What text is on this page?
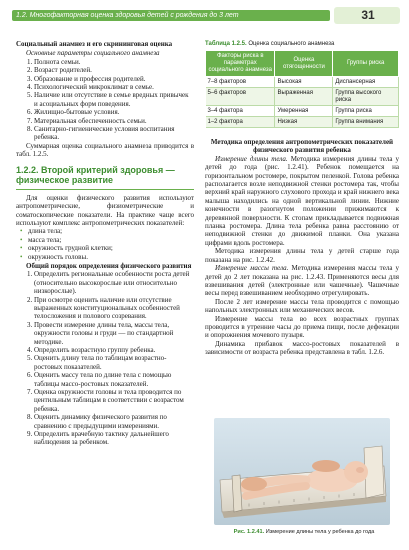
1.2. Многофакторная оценка здоровья детей с рождения до 3 лет	31

Социальный анамнез и его скрининговая оценка

Основные параметры социального анамнеза

1. Полнота семьи.
2. Возраст родителей.
3. Образование и профессия родителей.
4. Психологический микроклимат в семье.
5. Наличие или отсутствие в семье вредных привычек и асоциальных форм поведения.
6. Жилищно-бытовые условия.
7. Материальная обеспеченность семьи.
8. Санитарно-гигиенические условия воспитания ребенка.

Суммарная оценка социального анамнеза приводится в табл. 1.2.5.

1.2.2. Второй критерий здоровья — физическое развитие

Для оценки физического развития используют антропометрические, физиометрические и соматоскопические показатели. На практике чаще всего используют комплекс антропометрических показателей:

• длина тела;
• масса тела;
• окружность грудной клетки;
• окружность головы.

Общий порядок определения физического развития

1. Определить региональные особенности роста детей (относительно высокорослые или относительно низкорослые).
2. При осмотре оценить наличие или отсутствие выраженных конституциональных особенностей телосложения и полового созревания.
3. Провести измерение длины тела, массы тела, окружности головы и груди — по стандартной методике.
4. Определить возрастную группу ребенка.
5. Оценить длину тела по таблицам возрастно-ростовых показателей.
6. Оценить массу тела по длине тела с помощью таблицы массо-ростовых показателей.
7. Оценка окружности головы и тела проводится по центильным таблицам в соответствии с возрастом ребенка.
8. Оценить динамику физического развития по сравнению с предыдущими измерениями.
9. Определить врачебную тактику дальнейшего наблюдения за ребенком.
Таблица 1.2.5. Оценка социального анамнеза
Факторы риска в параметрах социального анамнеза	Оценка отягощенности	Группы риска
7–8 факторов	Высокая	Диспансерная
5–6 факторов	Выраженная	Группа высокого риска
3–4 фактора	Умеренная	Группа риска
1–2 фактора	Низкая	Группа внимания

Методика определения антропометрических показателей физического развития ребенка

Измерение длины тела. Методика измерения длины тела у детей до года (рис. 1.2.41). Ребенок помещается на горизонтальном ростомере, покрытом пеленкой. Голова ребенка располагается возле неподвижной стенки ростомера так, чтобы верхний край наружного слухового прохода и край нижнего века малыша находились на одной вертикальной линии. Нижние конечности в разогнутом положении прижимаются к деревянной поверхности. К стопам прикладывается подвижная планка ростомера. Длина тела ребенка равна расстоянию от неподвижной стенки до движимой планки. Она указана цифрами вдоль ростомера.

Методика измерения длины тела у детей старше года показана на рис. 1.2.42.

Измерение массы тела. Методика измерения массы тела у детей до 2 лет показана на рис. 1.2.43. Применяются весы для взвешивания детей (электронные или чашечные). Чашечные весы перед взвешиванием необходимо отрегулировать.

После 2 лет измерение массы тела проводится с помощью напольных электронных или механических весов.

Измерение массы тела во всех возрастных группах проводится в утренние часы до приема пищи, после дефекации и опорожнения мочевого пузыря.

Динамика прибавок массо-ростовых показателей в зависимости от возраста ребенка представлена в табл. 1.2.6.

Рис. 1.2.41. Измерение длины тела у ребенка до года
